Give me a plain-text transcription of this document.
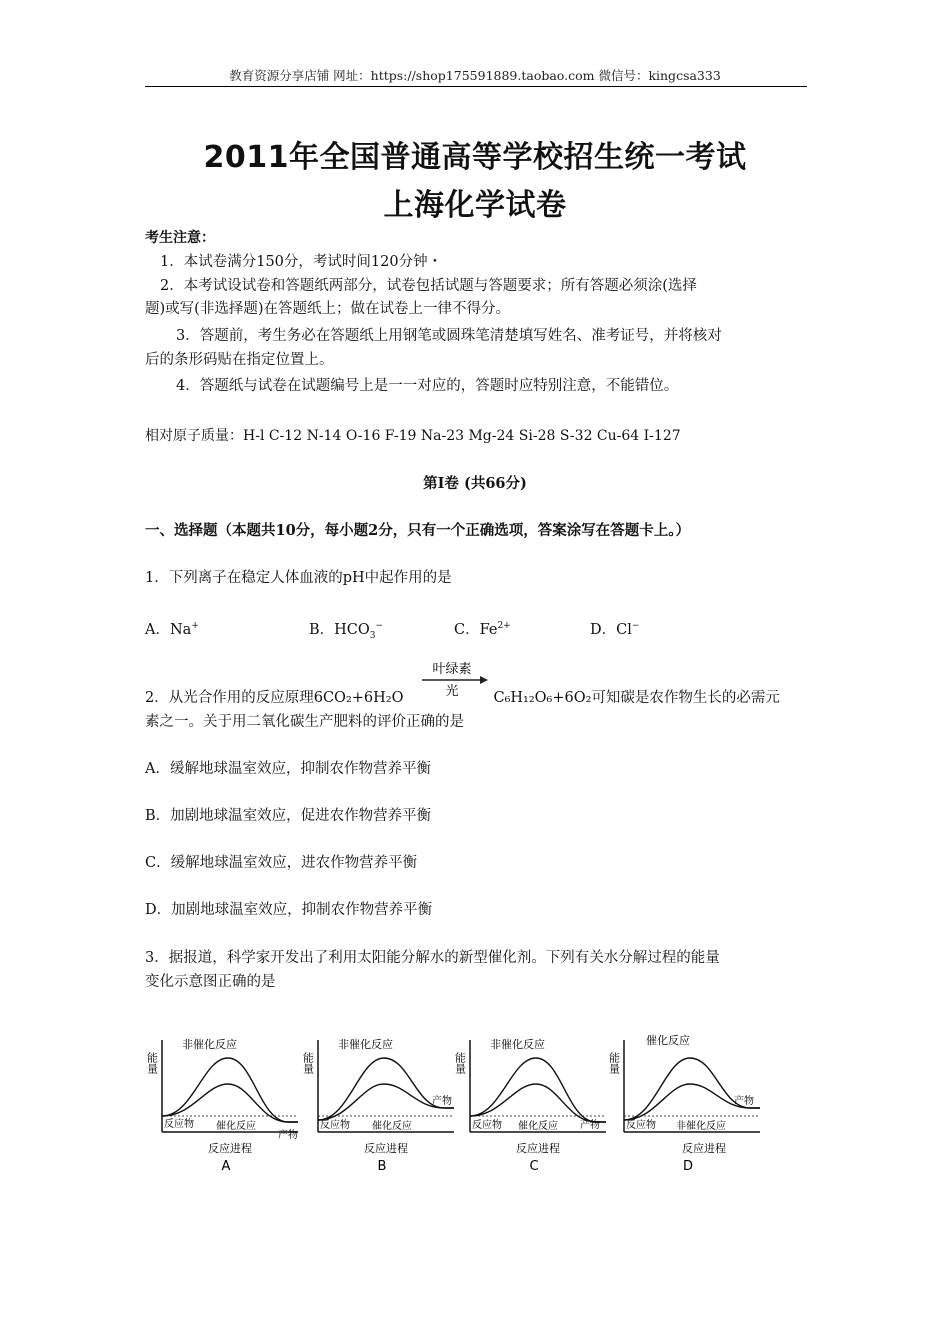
教育资源分享店铺 网址：https://shop175591889.taobao.com 微信号：kingcsa333
2011年全国普通高等学校招生统一考试
上海化学试卷
考生注意：
1．本试卷满分150分，考试时间120分钟・
2．本考试设试卷和答题纸两部分，试卷包括试题与答题要求；所有答题必须涂(选择
题)或写(非选择题)在答题纸上；做在试卷上一律不得分。
3．答题前，考生务必在答题纸上用钢笔或圆珠笔清楚填写姓名、准考证号，并将核对
后的条形码贴在指定位置上。
4．答题纸与试卷在试题编号上是一一对应的，答题时应特别注意，不能错位。
相对原子质量：H-l C-12 N-14 O-16 F-19 Na-23 Mg-24 Si-28 S-32 Cu-64 I-127
第I卷 (共66分)
一、选择题（本题共10分，每小题2分，只有一个正确选项，答案涂写在答题卡上。）
1．下列离子在稳定人体血液的pH中起作用的是
A．Na+	B．$HCO_3^-$	C．$Fe^{2+}$	D．Cl−
2．从光合作用的反应原理6CO₂+6H₂O	C₆H₁₂O₆+6O₂可知碳是农作物生长的必需元
叶绿素
光
素之一。关于用二氧化碳生产肥料的评价正确的是
A．缓解地球温室效应，抑制农作物营养平衡
B．加剧地球温室效应，促进农作物营养平衡
C．缓解地球温室效应，进农作物营养平衡
D．加剧地球温室效应，抑制农作物营养平衡
3．据报道，科学家开发出了利用太阳能分解水的新型催化剂。下列有关水分解过程的能量
变化示意图正确的是
能量
非催化反应
反应物 催化反应
产物
反应进程
A
能量
非催化反应
反应物 催化反应
产物
反应进程
B
能量
非催化反应
反应物 催化反应 产物
反应进程
C
能量
催化反应
反应物 非催化反应
产物
反应进程
D
